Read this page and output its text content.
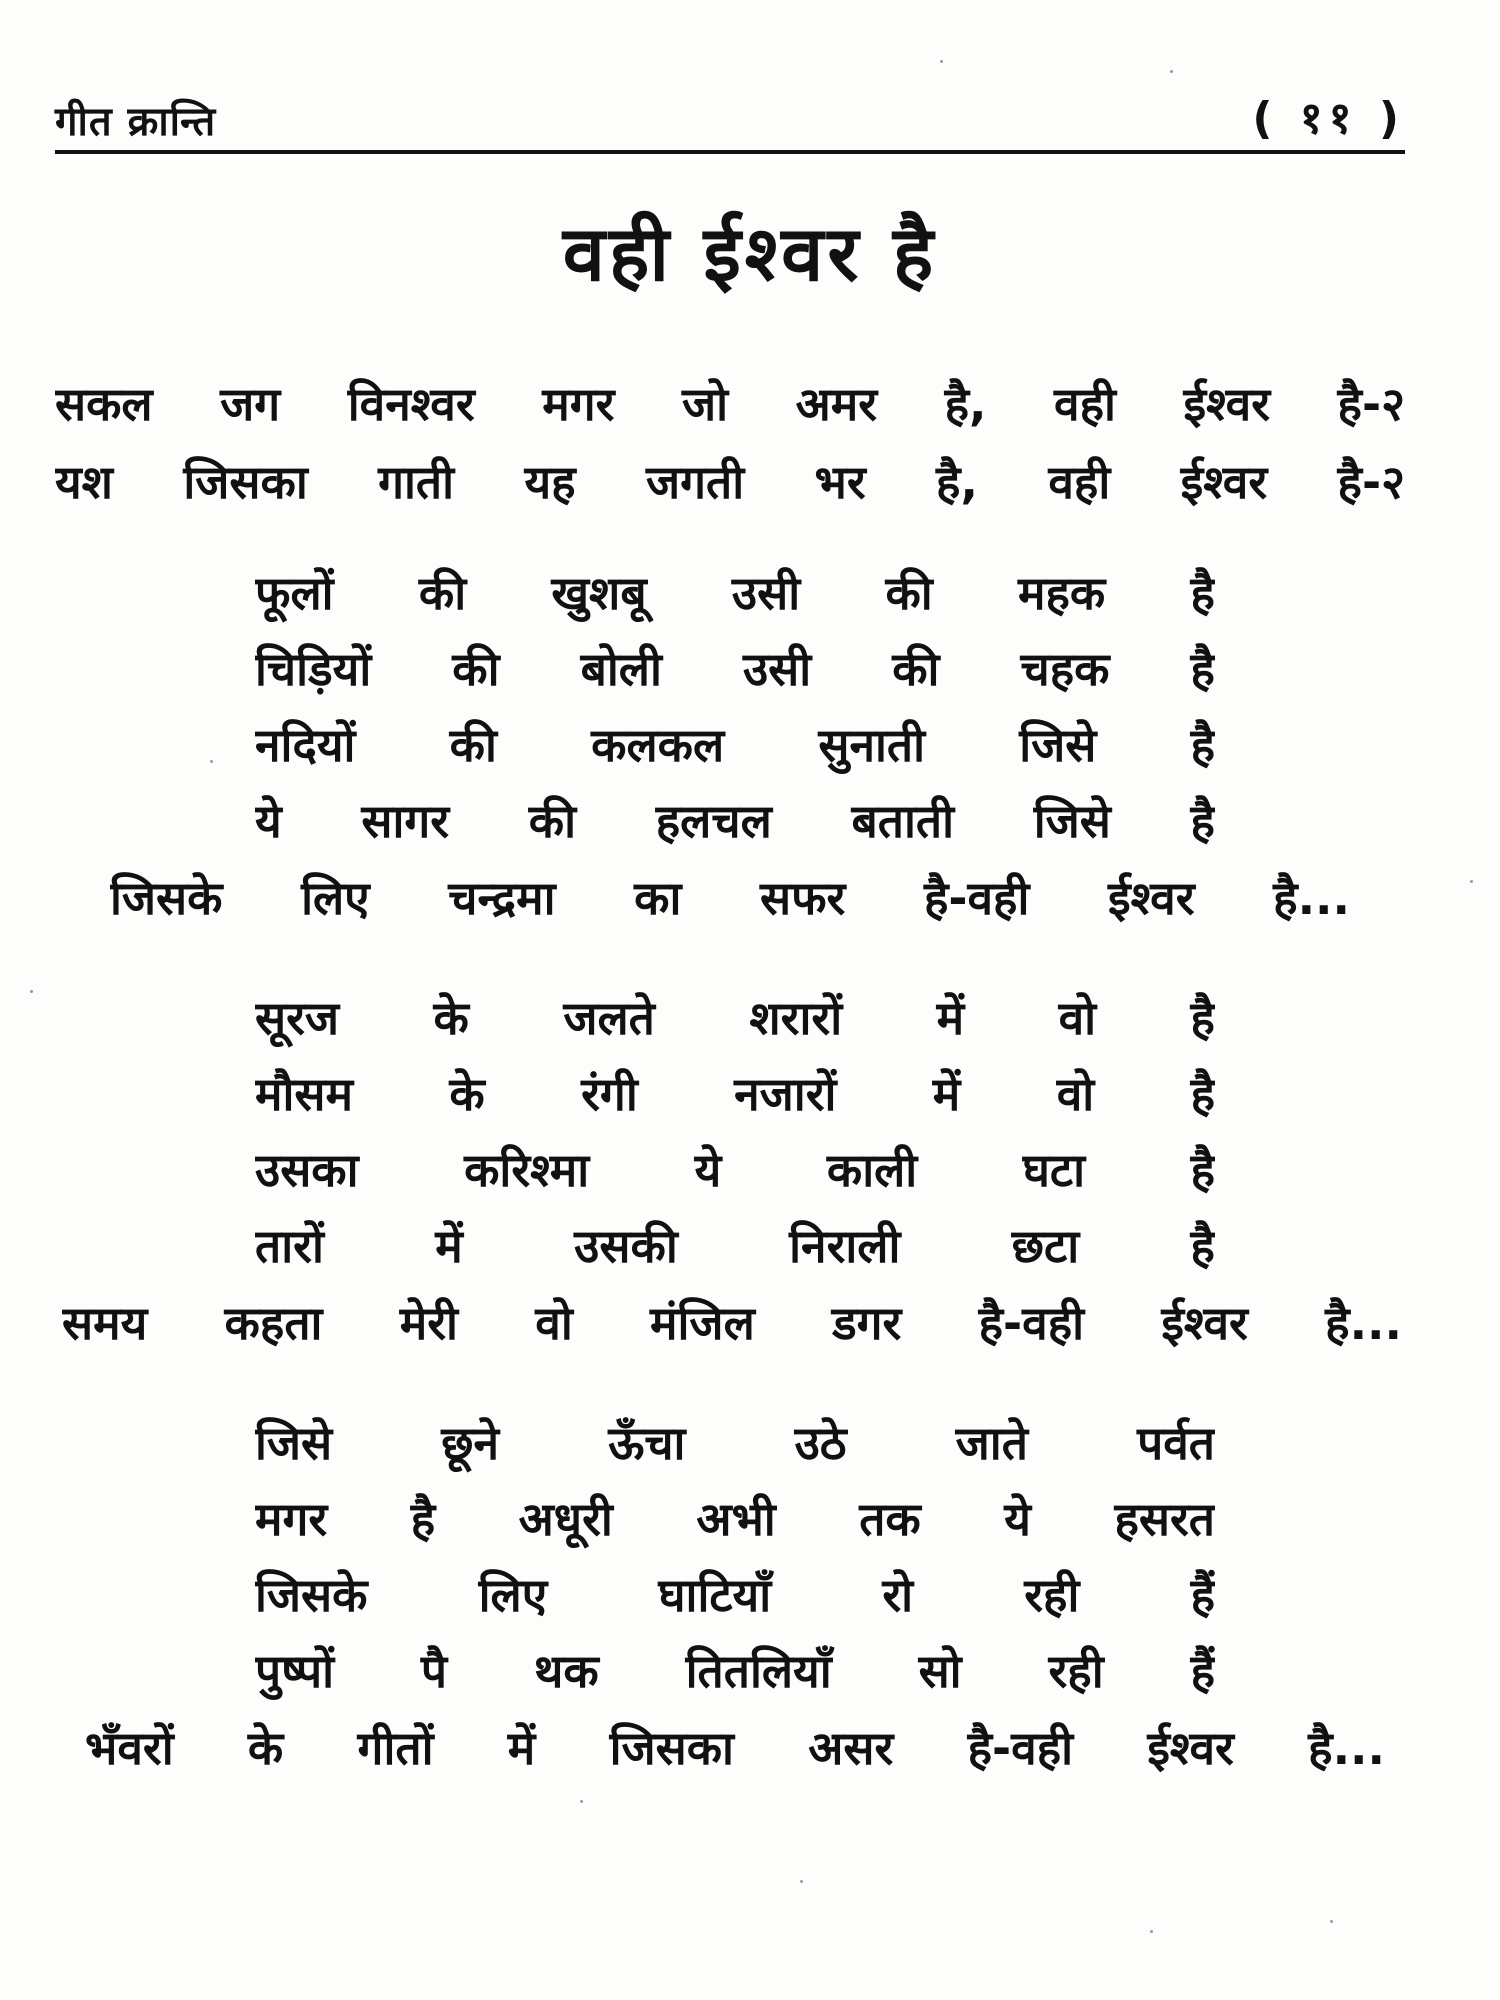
गीत क्रान्ति	( ११ )
वही ईश्वर है
सकल जग विनश्वर मगर जो अमर है, वही ईश्वर है-२
यश जिसका गाती यह जगती भर है, वही ईश्वर है-२
फूलों की खुशबू उसी की महक है
चिड़ियों की बोली उसी की चहक है
नदियों की कलकल सुनाती जिसे है
ये सागर की हलचल बताती जिसे है
जिसके लिए चन्द्रमा का सफर है-वही ईश्वर है...
सूरज के जलते शरारों में वो है
मौसम के रंगी नजारों में वो है
उसका करिश्मा ये काली घटा है
तारों में उसकी निराली छटा है
समय कहता मेरी वो मंजिल डगर है-वही ईश्वर है...
जिसे छूने ऊँचा उठे जाते पर्वत
मगर है अधूरी अभी तक ये हसरत
जिसके लिए घाटियाँ रो रही हैं
पुष्पों पै थक तितलियाँ सो रही हैं
भँवरों के गीतों में जिसका असर है-वही ईश्वर है...
